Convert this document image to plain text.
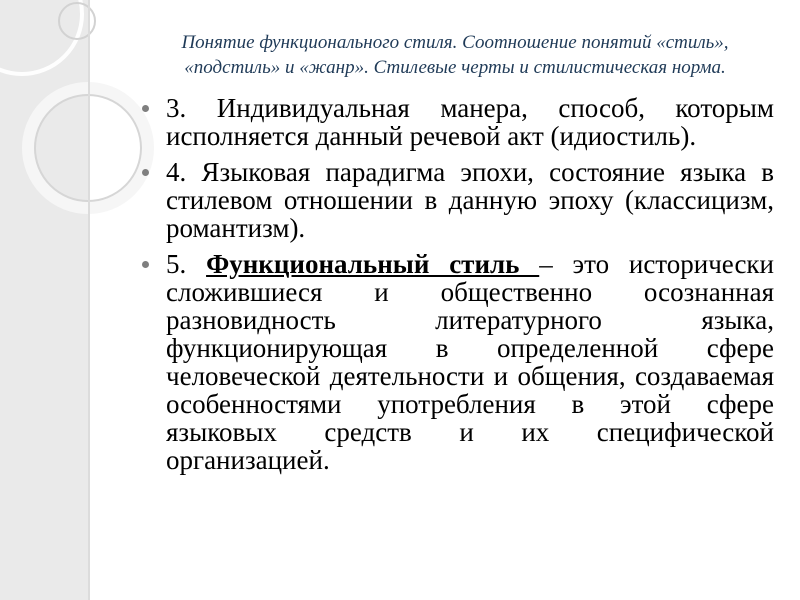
Понятие функционального стиля. Соотношение понятий «стиль»,
«подстиль» и «жанр». Стилевые черты и стилистическая норма.
3. Индивидуальная манера, способ, которым исполняется данный речевой акт (идиостиль).
4. Языковая парадигма эпохи, состояние языка в стилевом отношении в данную эпоху (классицизм, романтизм).
5. Функциональный стиль – это исторически сложившиеся и общественно осознанная разновидность литературного языка, функционирующая в определенной сфере человеческой деятельности и общения, создаваемая особенностями употребления в этой сфере языковых средств и их специфической организацией.
